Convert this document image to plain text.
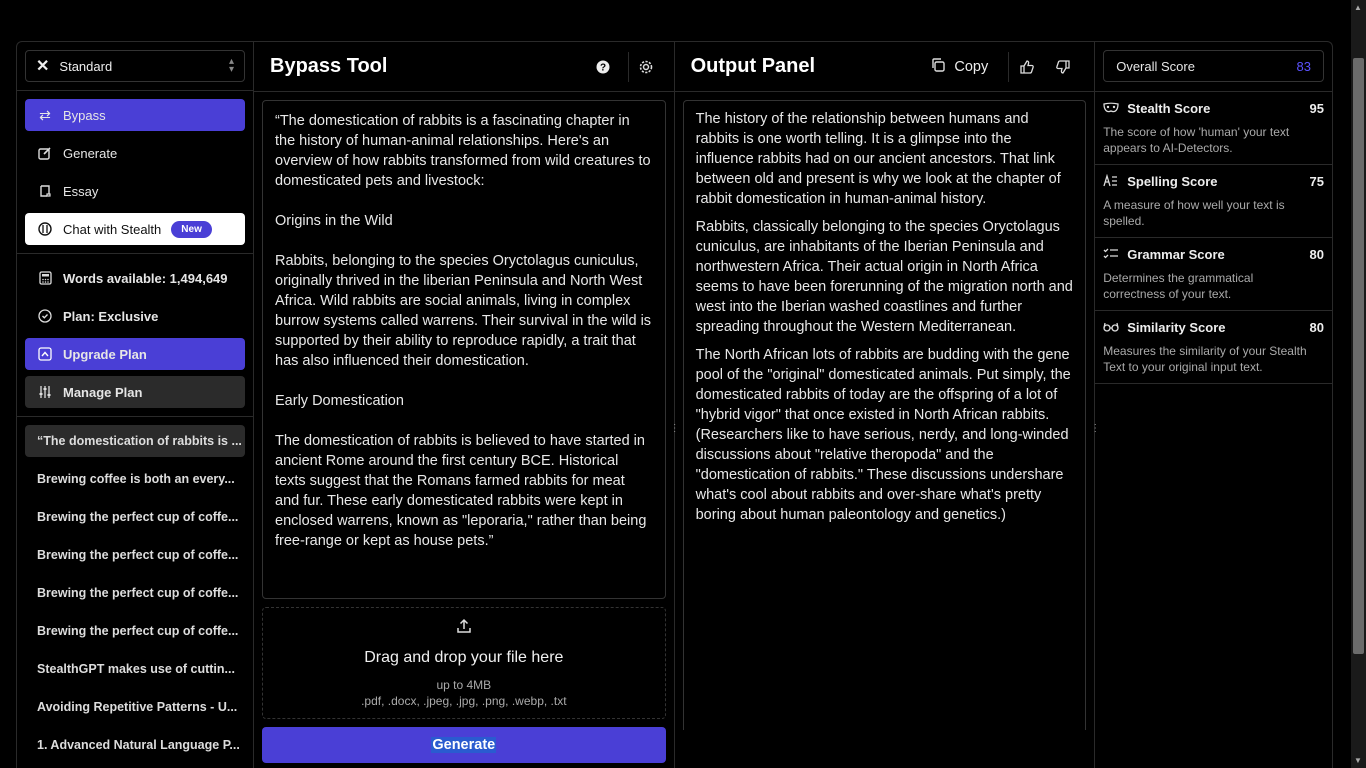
✕ Standard	▴
▾
⇄ Bypass
Generate
Essay
Chat with Stealth	New
Words available: 1,494,649
Plan: Exclusive
Upgrade Plan
Manage Plan
“The domestication of rabbits is ...
Brewing coffee is both an every...
Brewing the perfect cup of coffe...
Brewing the perfect cup of coffe...
Brewing the perfect cup of coffe...
Brewing the perfect cup of coffe...
StealthGPT makes use of cuttin...
Avoiding Repetitive Patterns - U...
1. Advanced Natural Language P...
⋮
Bypass Tool	?
“The domestication of rabbits is a fascinating chapter in the history of human-animal relationships. Here's an overview of how rabbits transformed from wild creatures to domesticated pets and livestock:

Origins in the Wild

Rabbits, belonging to the species Oryctolagus cuniculus, originally thrived in the liberian Peninsula and North West Africa. Wild rabbits are social animals, living in complex burrow systems called warrens. Their survival in the wild is supported by their ability to reproduce rapidly, a trait that has also influenced their domestication.

Early Domestication

The domestication of rabbits is believed to have started in ancient Rome around the first century BCE. Historical texts suggest that the Romans farmed rabbits for meat and fur. These early domesticated rabbits were kept in enclosed warrens, known as "leporaria," rather than being free-range or kept as house pets.”
Drag and drop your file here
up to 4MB
.pdf, .docx, .jpeg, .jpg, .png, .webp, .txt
Generate
⋮
Output Panel	Copy

The history of the relationship between humans and rabbits is one worth telling. It is a glimpse into the influence rabbits had on our ancient ancestors. That link between old and present is why we look at the chapter of rabbit domestication in human-animal history.

Rabbits, classically belonging to the species Oryctolagus cuniculus, are inhabitants of the Iberian Peninsula and northwestern Africa. Their actual origin in North Africa seems to have been forerunning of the migration north and west into the Iberian washed coastlines and further spreading throughout the Western Mediterranean.

The North African lots of rabbits are budding with the gene pool of the "original" domesticated animals. Put simply, the domesticated rabbits of today are the offspring of a lot of "hybrid vigor" that once existed in North African rabbits. (Researchers like to have serious, nerdy, and long-winded discussions about "relative theropoda" and the "domestication of rabbits." These discussions undershare what's cool about rabbits and over-share what's pretty boring about human paleontology and genetics.)

Overall Score	83
Stealth Score	95
The score of how 'human' your text appears to AI-Detectors.
Spelling Score	75
A measure of how well your text is spelled.
Grammar Score	80
Determines the grammatical correctness of your text.
Similarity Score	80
Measures the similarity of your Stealth Text to your original input text.
▲
▼
